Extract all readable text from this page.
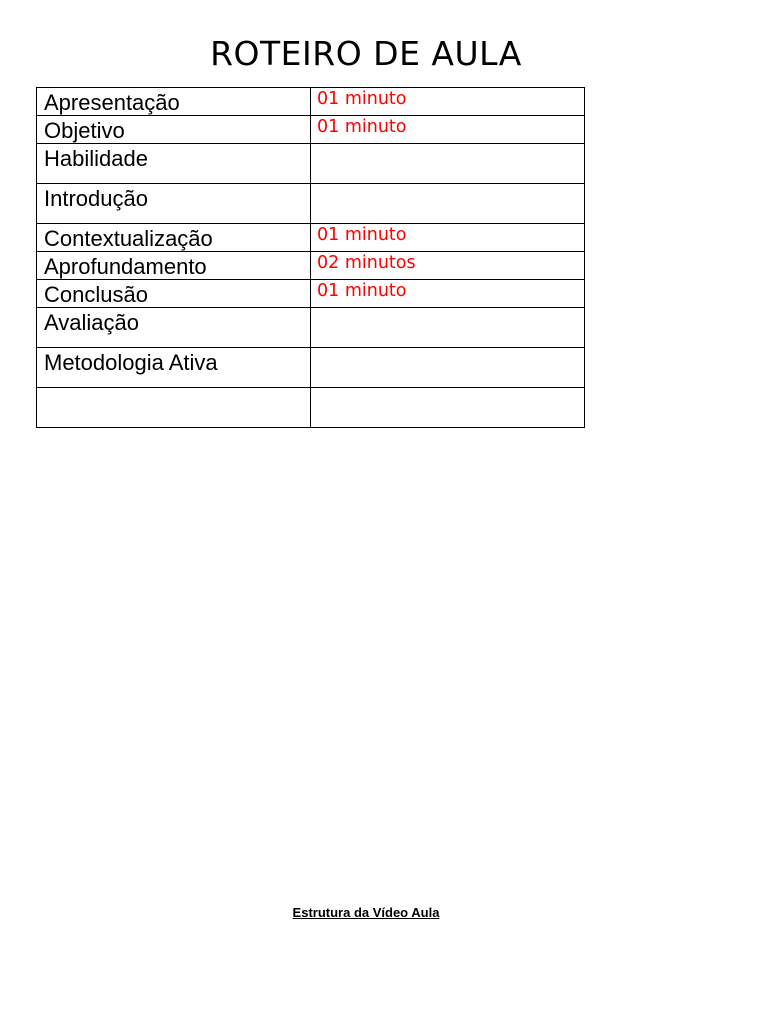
ROTEIRO DE AULA
Apresentação	01 minuto
Objetivo	01 minuto
Habilidade	
Introdução	
Contextualização	01 minuto
Aprofundamento	02 minutos
Conclusão	01 minuto
Avaliação	
Metodologia Ativa	

Estrutura da Vídeo Aula
